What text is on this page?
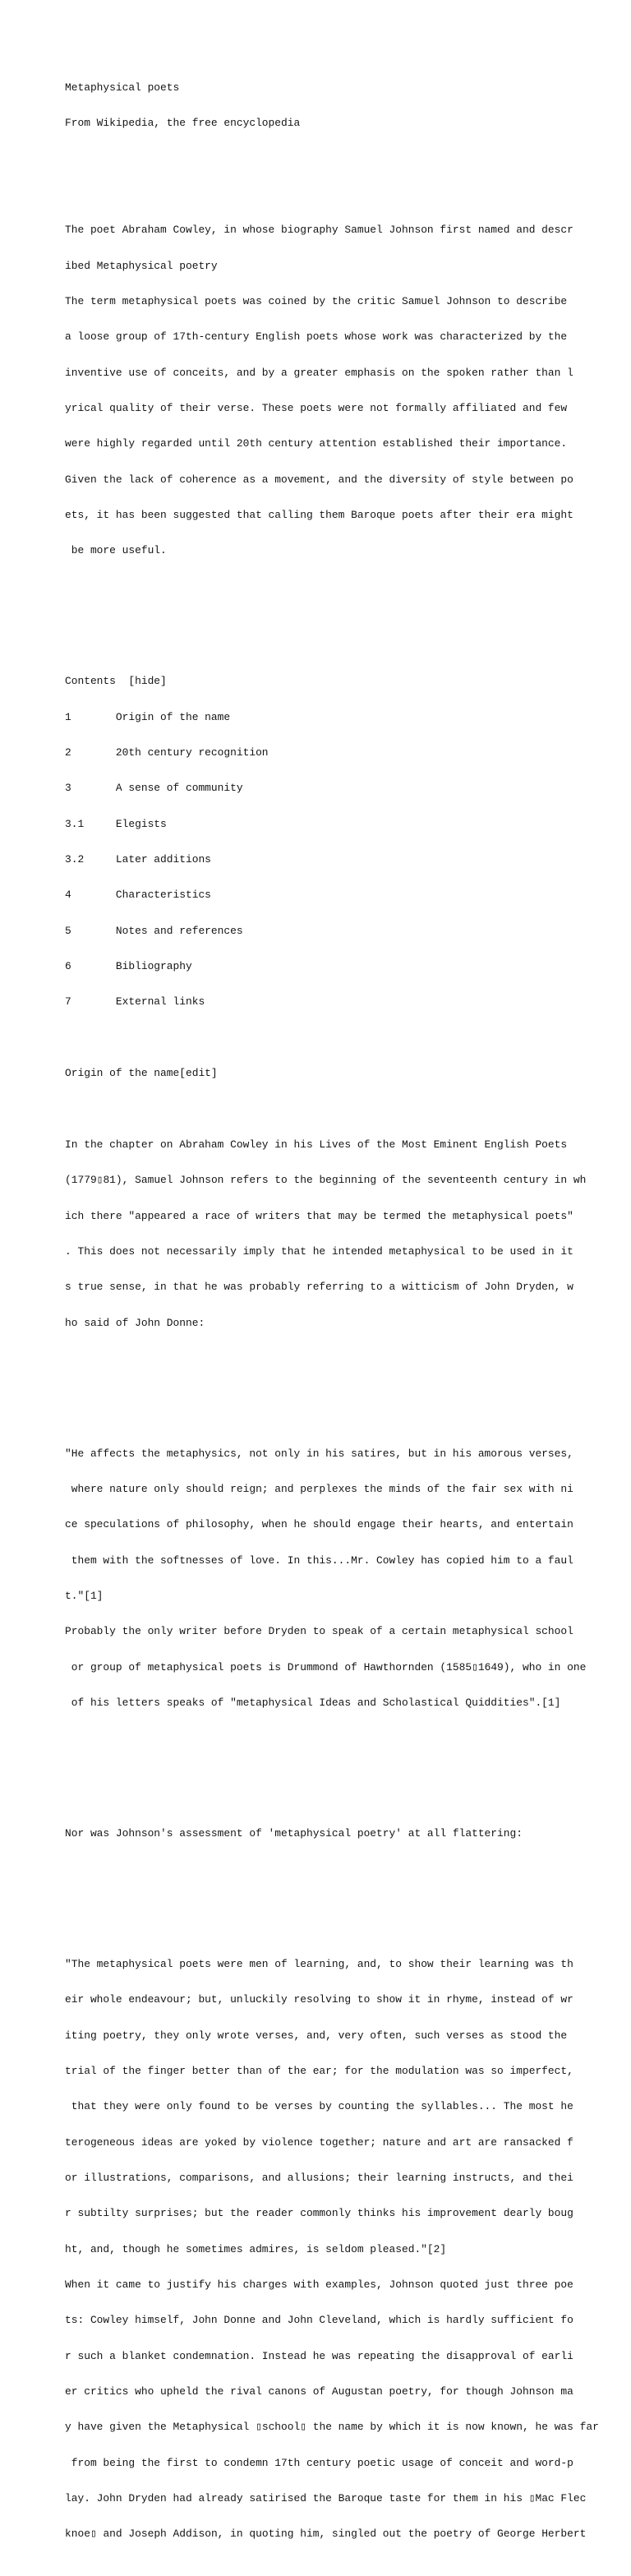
Metaphysical poets

From Wikipedia, the free encyclopedia

The poet Abraham Cowley, in whose biography Samuel Johnson first named and descr

ibed Metaphysical poetry

The term metaphysical poets was coined by the critic Samuel Johnson to describe

a loose group of 17th-century English poets whose work was characterized by the

inventive use of conceits, and by a greater emphasis on the spoken rather than l

yrical quality of their verse. These poets were not formally affiliated and few

were highly regarded until 20th century attention established their importance.

Given the lack of coherence as a movement, and the diversity of style between po

ets, it has been suggested that calling them Baroque poets after their era might

be more useful.

Contents  [hide]

1       Origin of the name

2       20th century recognition

3       A sense of community

3.1     Elegists

3.2     Later additions

4       Characteristics

5       Notes and references

6       Bibliography

7       External links

Origin of the name[edit]

In the chapter on Abraham Cowley in his Lives of the Most Eminent English Poets

(1779▯81), Samuel Johnson refers to the beginning of the seventeenth century in wh

ich there "appeared a race of writers that may be termed the metaphysical poets"

. This does not necessarily imply that he intended metaphysical to be used in it

s true sense, in that he was probably referring to a witticism of John Dryden, w

ho said of John Donne:

"He affects the metaphysics, not only in his satires, but in his amorous verses,

where nature only should reign; and perplexes the minds of the fair sex with ni

ce speculations of philosophy, when he should engage their hearts, and entertain

them with the softnesses of love. In this...Mr. Cowley has copied him to a faul

t."[1]

Probably the only writer before Dryden to speak of a certain metaphysical school

or group of metaphysical poets is Drummond of Hawthornden (1585▯1649), who in one

of his letters speaks of "metaphysical Ideas and Scholastical Quiddities".[1]

Nor was Johnson's assessment of 'metaphysical poetry' at all flattering:

"The metaphysical poets were men of learning, and, to show their learning was th

eir whole endeavour; but, unluckily resolving to show it in rhyme, instead of wr

iting poetry, they only wrote verses, and, very often, such verses as stood the

trial of the finger better than of the ear; for the modulation was so imperfect,

that they were only found to be verses by counting the syllables... The most he

terogeneous ideas are yoked by violence together; nature and art are ransacked f

or illustrations, comparisons, and allusions; their learning instructs, and thei

r subtilty surprises; but the reader commonly thinks his improvement dearly boug

ht, and, though he sometimes admires, is seldom pleased."[2]

When it came to justify his charges with examples, Johnson quoted just three poe

ts: Cowley himself, John Donne and John Cleveland, which is hardly sufficient fo

r such a blanket condemnation. Instead he was repeating the disapproval of earli

er critics who upheld the rival canons of Augustan poetry, for though Johnson ma

y have given the Metaphysical ▯school▯ the name by which it is now known, he was far

from being the first to condemn 17th century poetic usage of conceit and word-p

lay. John Dryden had already satirised the Baroque taste for them in his ▯Mac Flec

knoe▯ and Joseph Addison, in quoting him, singled out the poetry of George Herbert
